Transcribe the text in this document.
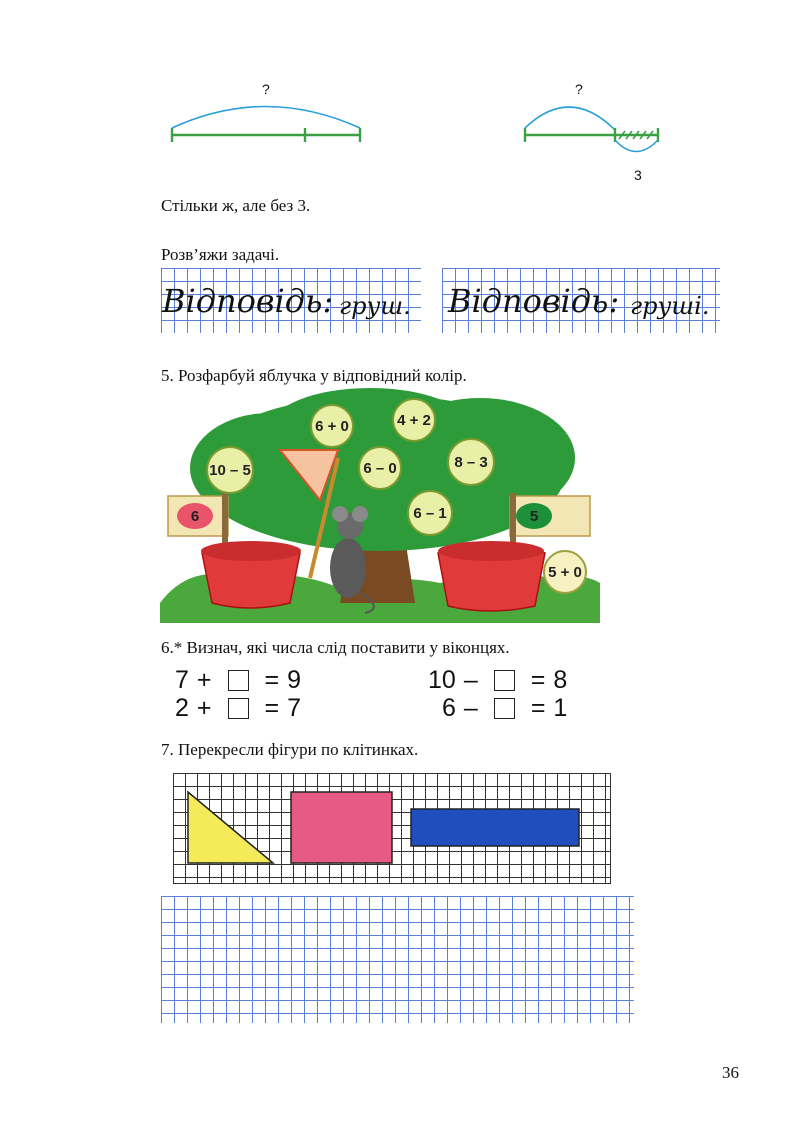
?	?
3
Стільки ж, але без 3.
Розв’яжи задачі.
Відповідь: груш. Відповідь: груші.
5. Розфарбуй яблучка у відповідний колір.
6	5
6 + 0	4 + 2
10 – 5	6 – 0	8 – 3
6 – 1
5 + 0
6.* Визнач, які числа слід поставити у віконцях.
7 + = 9
2 + = 7
10 – = 8
6 – = 1
7. Перекресли фігури по клітинках.
36
